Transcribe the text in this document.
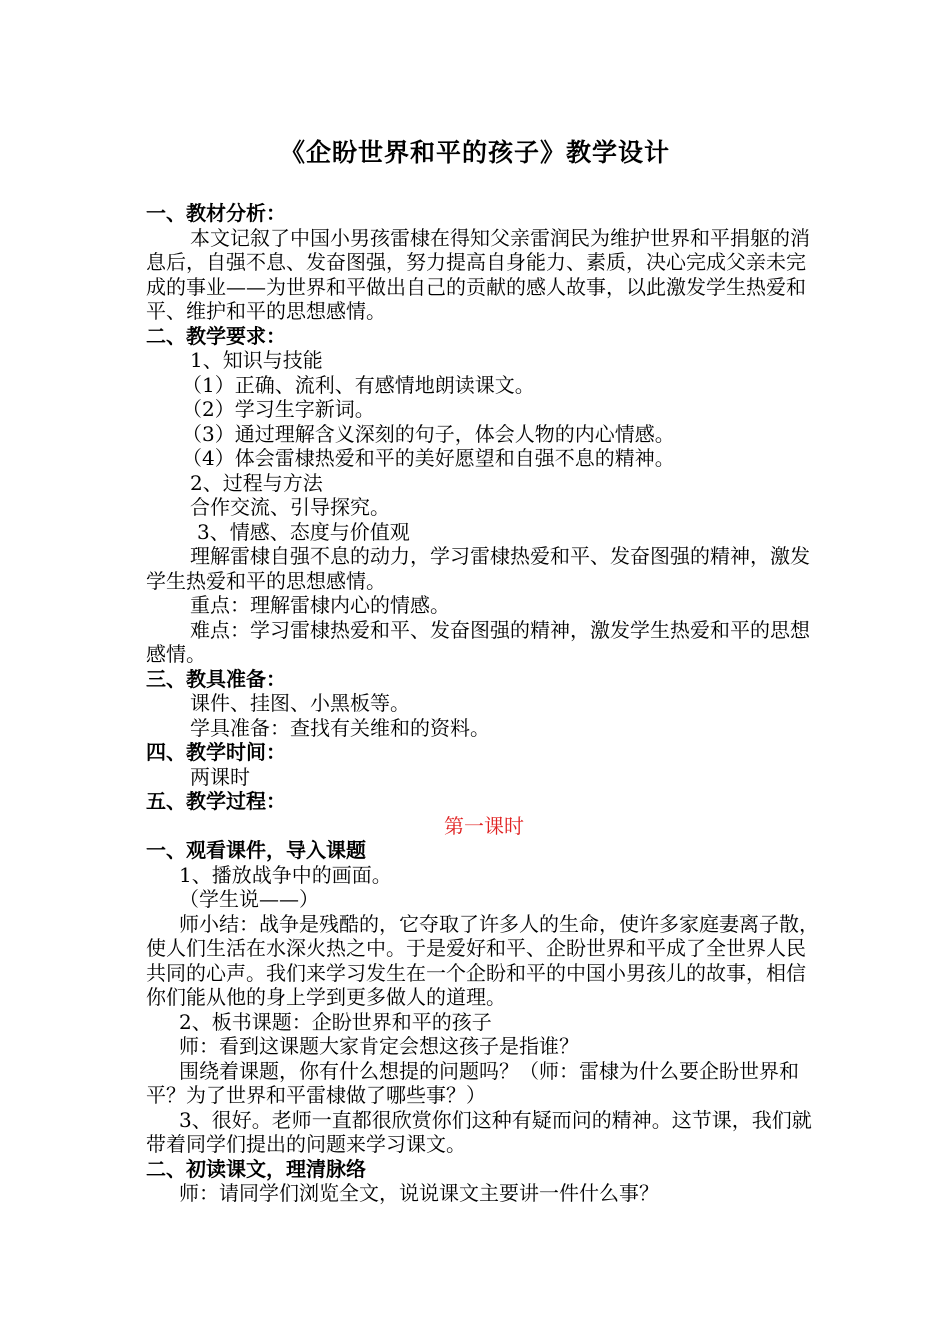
《企盼世界和平的孩子》教学设计
一、教材分析：
本文记叙了中国小男孩雷棣在得知父亲雷润民为维护世界和平捐躯的消息后，自强不息、发奋图强，努力提高自身能力、素质，决心完成父亲未完成的事业——为世界和平做出自己的贡献的感人故事，以此激发学生热爱和平、维护和平的思想感情。
二、教学要求：
1、知识与技能
（1）正确、流利、有感情地朗读课文。
（2）学习生字新词。
（3）通过理解含义深刻的句子，体会人物的内心情感。
（4）体会雷棣热爱和平的美好愿望和自强不息的精神。
2、过程与方法
合作交流、引导探究。
3、情感、态度与价值观
理解雷棣自强不息的动力，学习雷棣热爱和平、发奋图强的精神，激发学生热爱和平的思想感情。
重点：理解雷棣内心的情感。
难点：学习雷棣热爱和平、发奋图强的精神，激发学生热爱和平的思想感情。
三、教具准备：
课件、挂图、小黑板等。
学具准备：查找有关维和的资料。
四、教学时间：
两课时
五、教学过程：
第一课时
一、观看课件，导入课题
1、播放战争中的画面。
（学生说——）
师小结：战争是残酷的，它夺取了许多人的生命，使许多家庭妻离子散，使人们生活在水深火热之中。于是爱好和平、企盼世界和平成了全世界人民共同的心声。我们来学习发生在一个企盼和平的中国小男孩儿的故事，相信你们能从他的身上学到更多做人的道理。
2、板书课题：企盼世界和平的孩子
师：看到这课题大家肯定会想这孩子是指谁？
围绕着课题，你有什么想提的问题吗？（师：雷棣为什么要企盼世界和平？为了世界和平雷棣做了哪些事？）
3、很好。老师一直都很欣赏你们这种有疑而问的精神。这节课，我们就带着同学们提出的问题来学习课文。
二、初读课文，理清脉络
师：请同学们浏览全文，说说课文主要讲一件什么事？
